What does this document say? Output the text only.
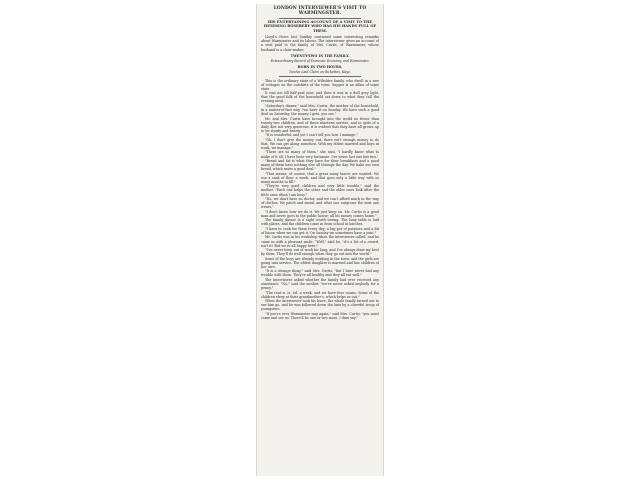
LONDON INTERVIEWER'S VISIT TO WARMINGSTER.
HIS ENTERTAINING ACCOUNT OF A VISIT TO THE HEMMING ROSEBERY WHO HAS HIS HANDS FULL OF THEM.

Lloyd's News last Sunday contained some interesting remarks about Warminster and its labour. The interviewer gives an account of a visit paid to the family of Mrs. Curtis, of Warminster, whose husband is a chair-maker.

TWENTY-TWO IN THE FAMILY.
Extraordinary Record of Domestic Economy and Warminster.
BORN IN TWO HOURS.
Twelve Laid Claim on Rickettes, Kaye.

This is the ordinary state of a Wiltshire family, who dwell in a row of cottages on the outskirts of the town. Supper is an affair of some state.

It was not till half-past nine, and then it was in a dull grey light, that the good folk of the household sat down to what they call the evening meal.

"Saturday's dinner," said Mrs. Curtis, the mother of the household, in a matter-of-fact way, "we have it on Sunday. We have such a good deal on Saturday, the money I gets, you see."

Mr. and Mrs. Curtis have brought into the world no fewer than twenty-two children, and of these nineteen survive, and in spite of a daily diet not very generous, it is evident that they have all grown up to be sturdy and hearty.

"It is wonderful, and yet I can't tell you how I manage."

"Oh, I don't give the money out, there isn't enough money to do that. We can get along somehow. With my eldest married and boys at work, we manage."

"There are so many of them," she said, "I hardly know what to make of it all. I have been very fortunate. I've never lost one but two."

"Bread and fat is what they have for their breakfasts and a good many of them have nothing else all through the day. We bake our own bread, which saves a good deal."

"That means, of course, that a great many loaves are wanted. We use a sack of flour a week, and that goes only a little way with so many mouths to fill."

"They're very good children and very little trouble," said the mother. "Each one helps the other and the elder ones look after the little ones when I am busy."

"No, we don't have no doctor, and we can't afford much in the way of clothes. We patch and mend, and what one outgrows the next one wears."

"I don't know how we do it. We just keep on. Mr. Curtis is a good man and never goes to the public house; all his money comes home."

The family dinner is a sight worth seeing. The long table is laid with plates, and the children come in from school in batches.

"I have to cook for them every day; a big pot of potatoes and a bit of bacon when we can get it. On Sunday we sometimes have a joint."

Mr. Curtis was in his workshop when the interviewer called, and he came in with a pleasant smile. "Well," said he, "it's a bit of a crowd, isn't it? But we're all happy here."

"I've never been out of work for long, and I've always done my best by them. They'll do well enough when they go out into the world."

Some of the boys are already working in the town, and the girls are going into service. The eldest daughter is married and has children of her own.

"It is a strange thing," said Mrs. Curtis, "but I have never had any trouble with them. They're all healthy and they all eat well."

The interviewer asked whether the family had ever received any assistance. "No," said the mother, "we've never asked anybody for a penny."

"The rent is 2s. 6d. a week, and we have four rooms. Some of the children sleep at their grandmother's, which helps us out."

When the interviewer took his leave, the whole family turned out to see him go, and he was followed down the lane by a cheerful troop of youngsters.

"If you're ever Warminster way again," said Mrs. Curtis, "you must come and see us. There'll be one or two more, I dare say."
